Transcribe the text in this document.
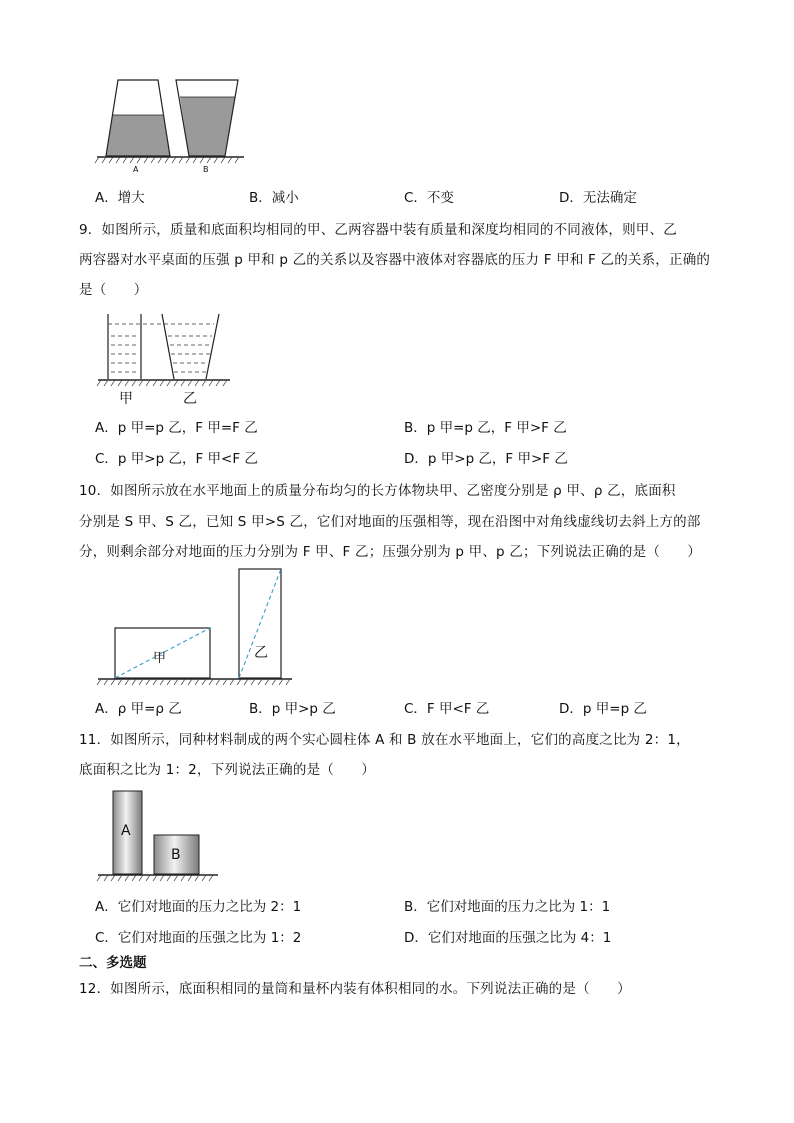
A	B
A．增大	B．减小	C．不变	D．无法确定
9．如图所示，质量和底面积均相同的甲、乙两容器中装有质量和深度均相同的不同液体，则甲、乙
两容器对水平桌面的压强 p 甲和 p 乙的关系以及容器中液体对容器底的压力 F 甲和 F 乙的关系，正确的
是（　　）
甲	乙
A．p 甲=p 乙，F 甲=F 乙	B．p 甲=p 乙，F 甲>F 乙
C．p 甲>p 乙，F 甲<F 乙	D．p 甲>p 乙，F 甲>F 乙
10．如图所示放在水平地面上的质量分布均匀的长方体物块甲、乙密度分别是 ρ 甲、ρ 乙，底面积
分别是 S 甲、S 乙，已知 S 甲>S 乙，它们对地面的压强相等，现在沿图中对角线虚线切去斜上方的部
分，则剩余部分对地面的压力分别为 F 甲、F 乙；压强分别为 p 甲、p 乙；下列说法正确的是（　　）
甲	乙
A．ρ 甲=ρ 乙	B．p 甲>p 乙	C．F 甲<F 乙	D．p 甲=p 乙
11．如图所示，同种材料制成的两个实心圆柱体 A 和 B 放在水平地面上，它们的高度之比为 2：1，
底面积之比为 1：2，下列说法正确的是（　　）
A
B
A．它们对地面的压力之比为 2：1	B．它们对地面的压力之比为 1：1
C．它们对地面的压强之比为 1：2	D．它们对地面的压强之比为 4：1
二、多选题
12．如图所示，底面积相同的量筒和量杯内装有体积相同的水。下列说法正确的是（　　）
